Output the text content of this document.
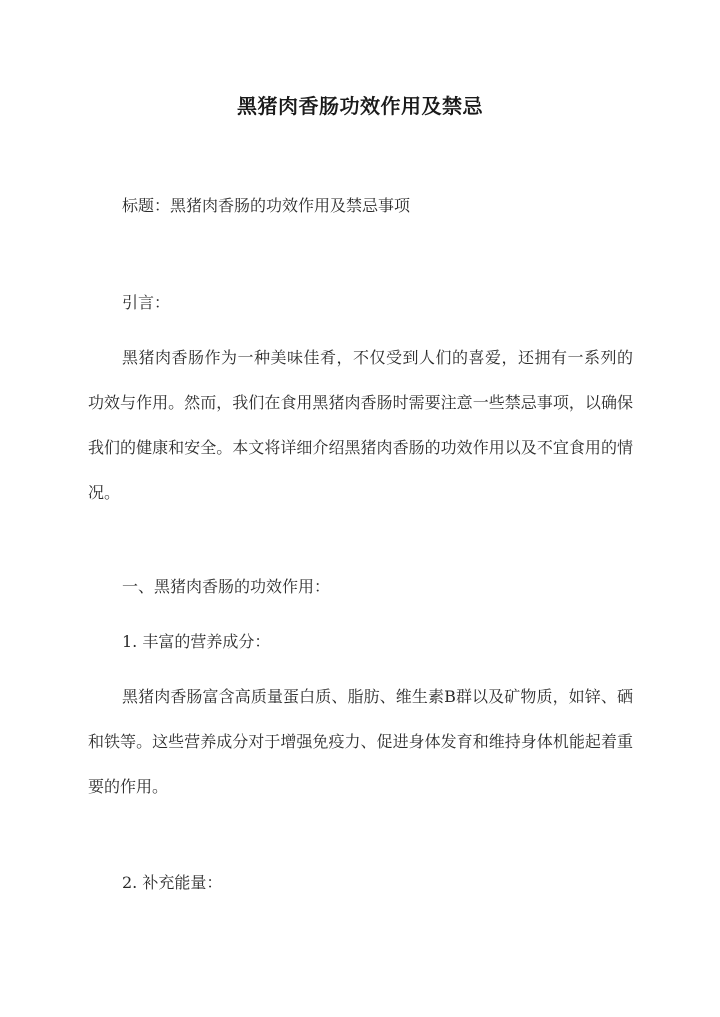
黑猪肉香肠功效作用及禁忌
标题：黑猪肉香肠的功效作用及禁忌事项
引言：
黑猪肉香肠作为一种美味佳肴，不仅受到人们的喜爱，还拥有一系列的功效与作用。然而，我们在食用黑猪肉香肠时需要注意一些禁忌事项，以确保我们的健康和安全。本文将详细介绍黑猪肉香肠的功效作用以及不宜食用的情况。
一、黑猪肉香肠的功效作用：
1. 丰富的营养成分：
黑猪肉香肠富含高质量蛋白质、脂肪、维生素B群以及矿物质，如锌、硒和铁等。这些营养成分对于增强免疫力、促进身体发育和维持身体机能起着重要的作用。
2. 补充能量：
